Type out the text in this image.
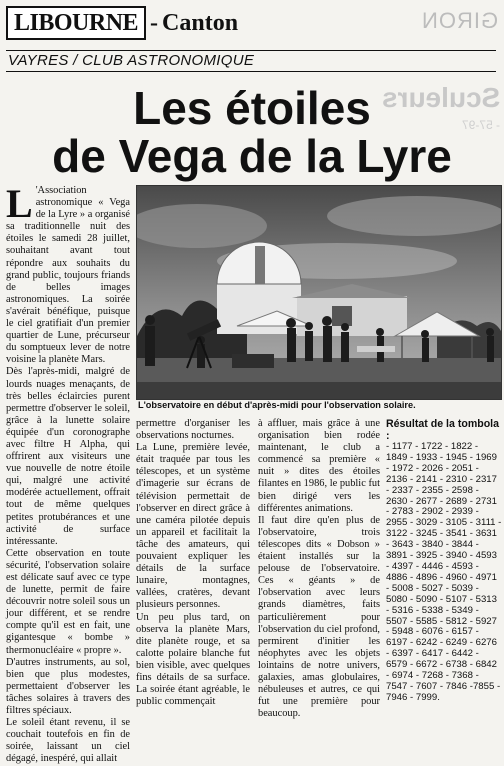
LIBOURNE - Canton	GIRON
Sculeurs
- 57-97
VAYRES / CLUB ASTRONOMIQUE
Les étoiles
de Vega de la Lyre

L 'Association astronomique « Vega de la Lyre » a organisé sa traditionnelle nuit des étoiles le samedi 28 juillet, souhaitant avant tout répondre aux souhaits du grand public, toujours friands de belles images astronomiques. La soirée s'avérait bénéfique, puisque le ciel gratifiait d'un premier quartier de Lune, précurseur du somptueux lever de notre voisine la planète Mars.

Dès l'après-midi, malgré de lourds nuages menaçants, de très belles éclaircies purent permettre d'observer le soleil, grâce à la lunette solaire équipée d'un coronographe avec filtre H Alpha, qui offrirent aux visiteurs une vue nouvelle de notre étoile qui, malgré une activité modérée actuellement, offrait tout de même quelques petites protubérances et une activité de surface intéressante.

Cette observation en toute sécurité, l'observation solaire est délicate sauf avec ce type de lunette, permit de faire découvrir notre soleil sous un jour différent, et se rendre compte qu'il est en fait, une gigantesque « bombe » thermonucléaire « propre ».

D'autres instruments, au sol, bien que plus modestes, permettaient d'observer les tâches solaires à travers des filtres spéciaux.

Le soleil étant revenu, il se couchait toutefois en fin de soirée, laissant un ciel dégagé, inespéré, qui allait

L'observatoire en début d'après-midi pour l'observation solaire.

permettre d'organiser les observations nocturnes.

La Lune, première levée, était traquée par tous les télescopes, et un système d'imagerie sur écrans de télévision permettait de l'observer en direct grâce à une caméra pilotée depuis un appareil et facilitait la tâche des amateurs, qui pouvaient expliquer les détails de la surface lunaire, montagnes, vallées, cratères, devant plusieurs personnes.

Un peu plus tard, on observa la planète Mars, dite planète rouge, et sa calotte polaire blanche fut bien visible, avec quelques fins détails de sa surface. La soirée étant agréable, le public commençait

à affluer, mais grâce à une organisation bien rodée maintenant, le club a commencé sa première « nuit » dites des étoiles filantes en 1986, le public fut bien dirigé vers les différentes animations.

Il faut dire qu'en plus de l'observatoire, trois télescopes dits « Dobson » étaient installés sur la pelouse de l'observatoire. Ces « géants » de l'observation avec leurs grands diamètres, faits particulièrement pour l'observation du ciel profond, permirent d'initier les néophytes avec les objets lointains de notre univers, galaxies, amas globulaires, nébuleuses et autres, ce qui fut une première pour beaucoup.

Résultat de la tombola :
- 1177 - 1722 - 1822 - 1849 - 1933 - 1945 - 1969 - 1972 - 2026 - 2051 - 2136 - 2141 - 2310 - 2317 - 2337 - 2355 - 2598 - 2630 - 2677 - 2689 - 2731 - 2783 - 2902 - 2939 - 2955 - 3029 - 3105 - 3111 - 3122 - 3245 - 3541 - 3631 - 3643 - 3840 - 3844 - 3891 - 3925 - 3940 - 4593 - 4397 - 4446 - 4593 - 4886 - 4896 - 4960 - 4971 - 5008 - 5027 - 5039 - 5080 - 5090 - 5107 - 5313 - 5316 - 5338 - 5349 - 5507 - 5585 - 5812 - 5927 - 5948 - 6076 - 6157 - 6197 - 6242 - 6249 - 6276 - 6397 - 6417 - 6442 - 6579 - 6672 - 6738 - 6842 - 6974 - 7268 - 7368 - 7547 - 7607 - 7846 -7855 - 7946 - 7999.
